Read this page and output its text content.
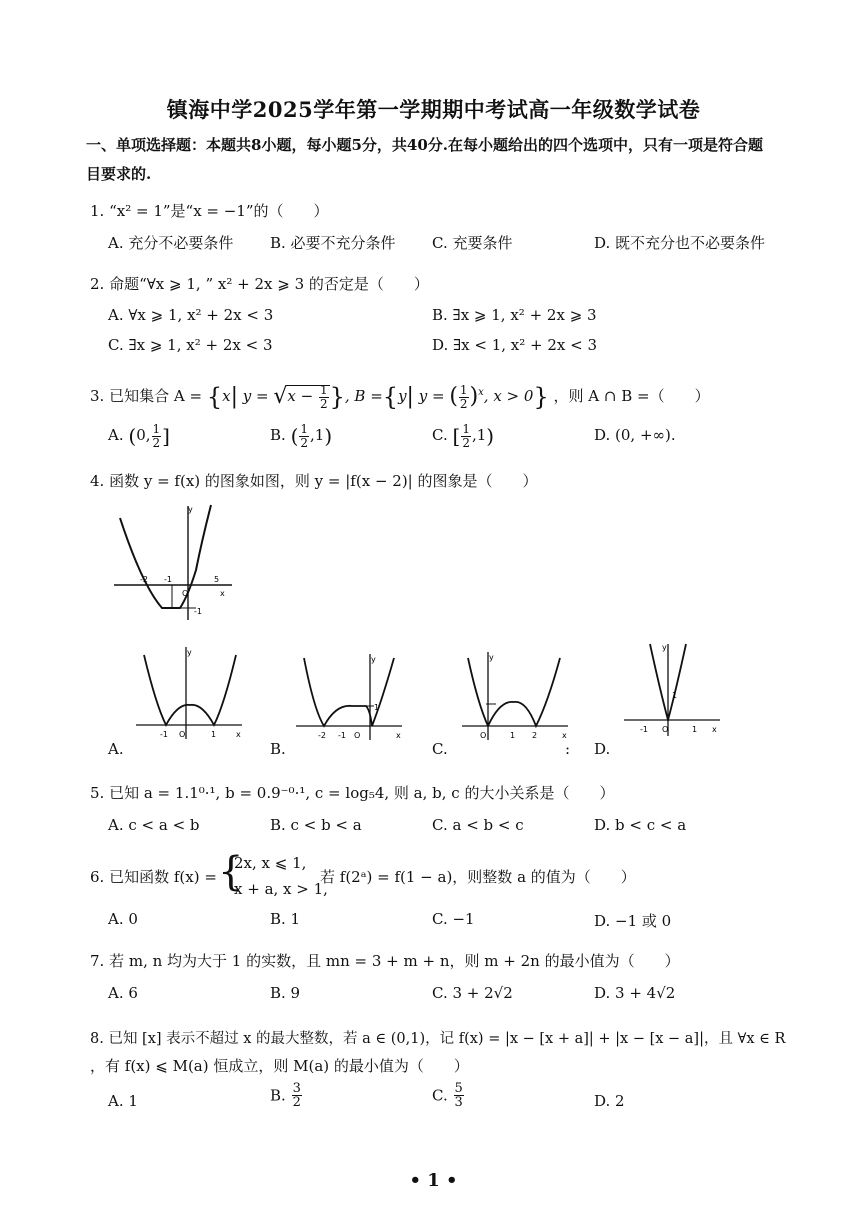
镇海中学2025学年第一学期期中考试高一年级数学试卷
一、单项选择题：本题共8小题，每小题5分，共40分.在每小题给出的四个选项中，只有一项是符合题
目要求的.
1. “x² = 1”是“x = −1”的（　　）
A. 充分不必要条件 B. 必要不充分条件 C. 充要条件	D. 既不充分也不必要条件
2. 命题“∀x ⩾ 1, ” x² + 2x ⩾ 3 的否定是（　　）
A. ∀x ⩾ 1, x² + 2x < 3	B. ∃x ⩾ 1, x² + 2x ⩾ 3
C. ∃x ⩾ 1, x² + 2x < 3	D. ∃x < 1, x² + 2x < 3
3. 已知集合 A = {x| $y = √x - \frac{1}{2}$ }, B ={y| y = ( $\frac{1}{2} )^x$, x > 0} ，则 A ∩ B =（　　）
A. (0, $\frac{1}{2}$ ]	B. ( $\frac{1}{2} ,1$)	C. [ $\frac{1}{2} ,1$)	D. (0, +∞).
4. 函数 y = f(x) 的图象如图，则 y = |f(x − 2)| 的图象是（　　）
y
-2 -1
O
5
x
-1
y
-1 O	1 x
A.
y
-2 -1 O
1
x
B.
y
O	1 2	x
C.	:
y
1
-1 O	1 x
D.
5. 已知 a = 1.1⁰·¹, b = 0.9⁻⁰·¹, c = log₅4, 则 a, b, c 的大小关系是（　　）
A. c < a < b	B. c < b < a	C. a < b < c	D. b < c < a
6. 已知函数 f(x) = {
2x, x ⩽ 1,
x + a, x > 1,
若 f(2ᵃ) = f(1 − a)，则整数 a 的值为（　　）
A. 0	B. 1	C. −1	D. −1 或 0
7. 若 m, n 均为大于 1 的实数，且 mn = 3 + m + n，则 m + 2n 的最小值为（　　）
A. 6	B. 9	C. 3 + 2√2	D. 3 + 4√2
8. 已知 [x] 表示不超过 x 的最大整数，若 a ∈ (0,1)，记 f(x) = |x − [x + a]| + |x − [x − a]|，且 ∀x ∈ R
，有 f(x) ⩽ M(a) 恒成立，则 M(a) 的最小值为（　　）
A. 1	B. $\frac{3}{2}$	C. $\frac{5}{3}$	D. 2
• 1 •
